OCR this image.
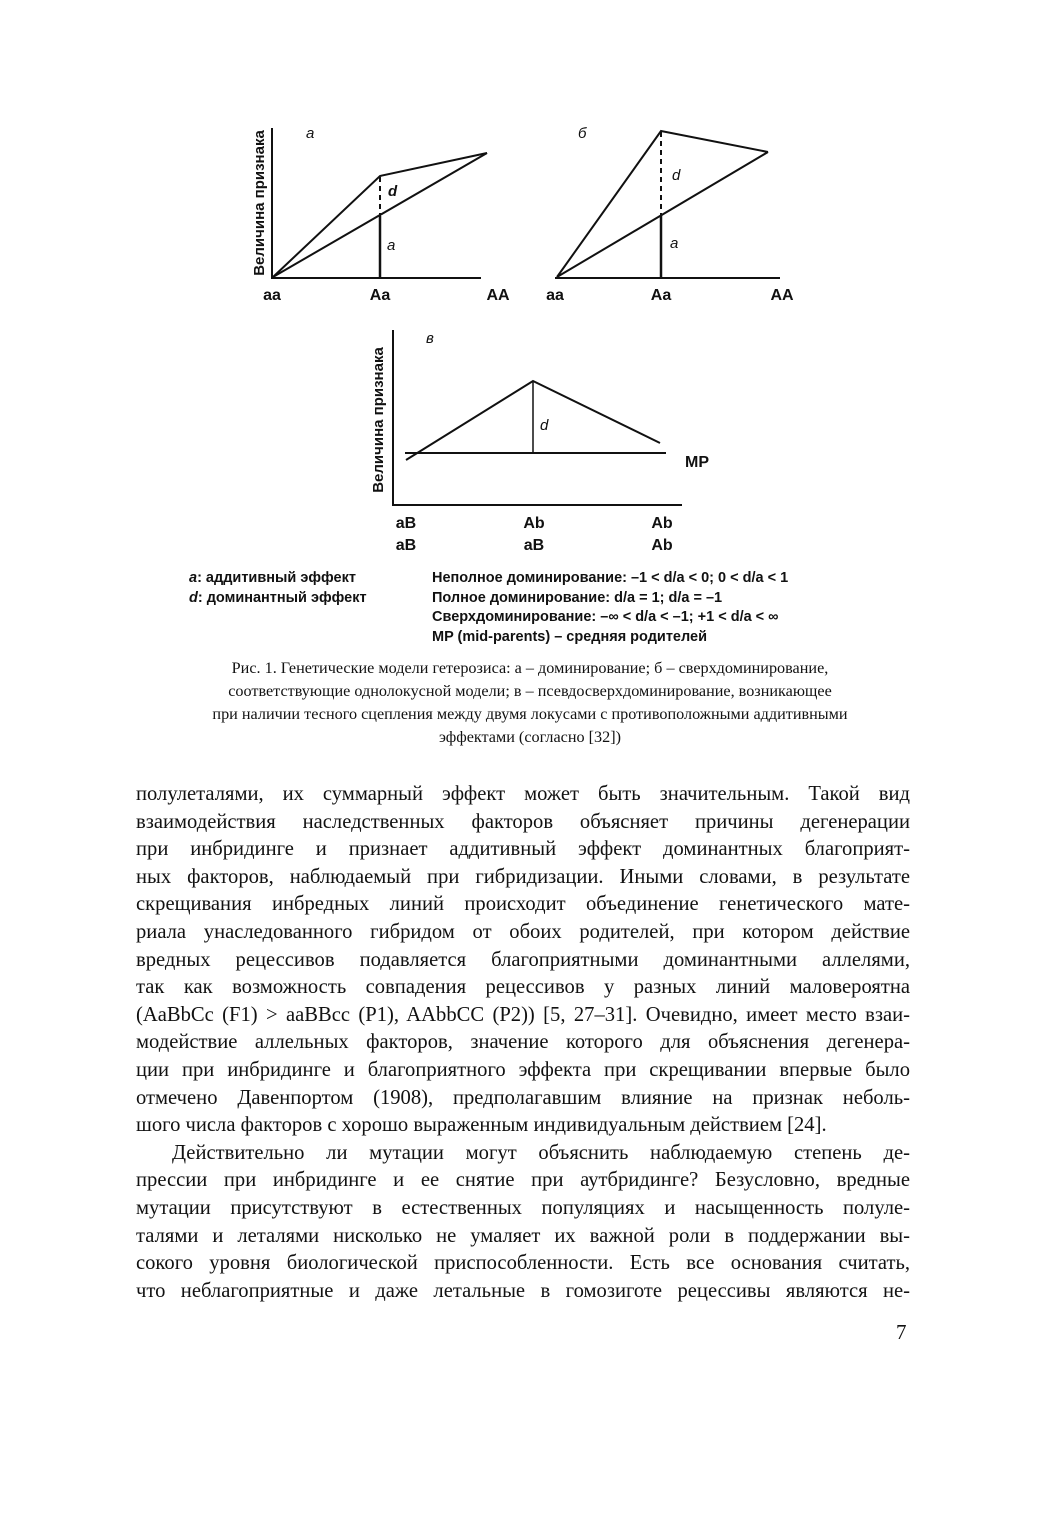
Величина признака	а
d
a
aa	Aa	AA
б
d
a
aa	Aa	AA
Величина признака
в
d
MP
aB	Ab	Ab
aB	aB	Ab
a: аддитивный эффект
d: доминантный эффект
Неполное доминирование: –1 < d/a < 0; 0 < d/a < 1
Полное доминирование: d/a = 1; d/a = –1
Сверхдоминирование: –∞ < d/a < –1; +1 < d/a < ∞
MP (mid-parents) – средняя родителей
Рис. 1. Генетические модели гетерозиса: а – доминирование; б – сверхдоминирование,
соответствующие однолокусной модели; в – псевдосверхдоминирование, возникающее
при наличии тесного сцепления между двумя локусами с противоположными аддитивными
эффектами (согласно [32])
полулеталями, их суммарный эффект может быть значительным. Такой вид
взаимодействия наследственных факторов объясняет причины дегенерации
при инбридинге и признает аддитивный эффект доминантных благоприят-
ных факторов, наблюдаемый при гибридизации. Иными словами, в результате
скрещивания инбредных линий происходит объединение генетического мате-
риала унаследованного гибридом от обоих родителей, при котором действие
вредных рецессивов подавляется благоприятными доминантными аллелями,
так как возможность совпадения рецессивов у разных линий маловероятна
(AaBbCc (F1) > aaBBcc (P1), AAbbCC (P2)) [5, 27–31]. Очевидно, имеет место взаи-
модействие аллельных факторов, значение которого для объяснения дегенера-
ции при инбридинге и благоприятного эффекта при скрещивании впервые было
отмечено Давенпортом (1908), предполагавшим влияние на признак неболь-
шого числа факторов с хорошо выраженным индивидуальным действием [24].
Действительно ли мутации могут объяснить наблюдаемую степень де-
прессии при инбридинге и ее снятие при аутбридинге? Безусловно, вредные
мутации присутствуют в естественных популяциях и насыщенность полуле-
талями и леталями нисколько не умаляет их важной роли в поддержании вы-
сокого уровня биологической приспособленности. Есть все основания считать,
что неблагоприятные и даже летальные в гомозиготе рецессивы являются не-
7
